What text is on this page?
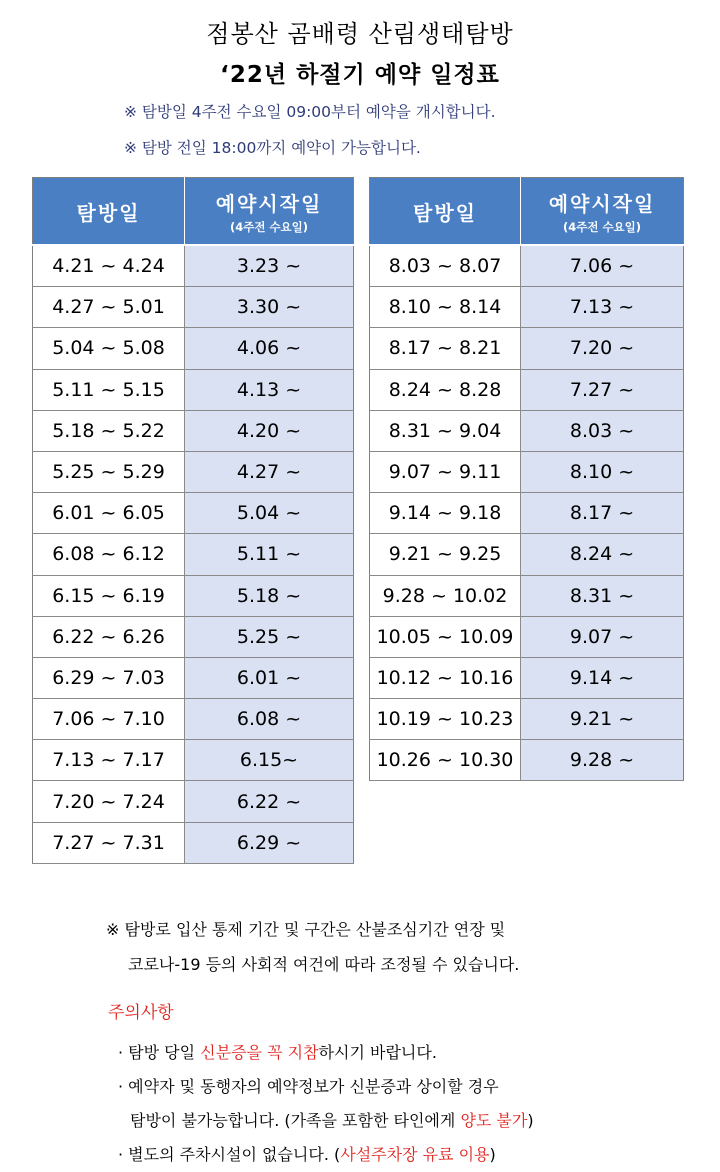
점봉산 곰배령 산림생태탐방
‘22년 하절기 예약 일정표
※ 탐방일 4주전 수요일 09:00부터 예약을 개시합니다.
※ 탐방 전일 18:00까지 예약이 가능합니다.
탐방일	예약시작일
(4주전 수요일)

4.21 ~ 4.24	3.23 ~
4.27 ~ 5.01	3.30 ~
5.04 ~ 5.08	4.06 ~
5.11 ~ 5.15	4.13 ~
5.18 ~ 5.22	4.20 ~
5.25 ~ 5.29	4.27 ~
6.01 ~ 6.05	5.04 ~
6.08 ~ 6.12	5.11 ~
6.15 ~ 6.19	5.18 ~
6.22 ~ 6.26	5.25 ~
6.29 ~ 7.03	6.01 ~
7.06 ~ 7.10	6.08 ~
7.13 ~ 7.17	6.15~
7.20 ~ 7.24	6.22 ~
7.27 ~ 7.31	6.29 ~
탐방일	예약시작일
(4주전 수요일)

8.03 ~ 8.07	7.06 ~
8.10 ~ 8.14	7.13 ~
8.17 ~ 8.21	7.20 ~
8.24 ~ 8.28	7.27 ~
8.31 ~ 9.04	8.03 ~
9.07 ~ 9.11	8.10 ~
9.14 ~ 9.18	8.17 ~
9.21 ~ 9.25	8.24 ~
9.28 ~ 10.02	8.31 ~
10.05 ~ 10.09	9.07 ~
10.12 ~ 10.16	9.14 ~
10.19 ~ 10.23	9.21 ~
10.26 ~ 10.30	9.28 ~
※ 탐방로 입산 통제 기간 및 구간은 산불조심기간 연장 및
코로나-19 등의 사회적 여건에 따라 조정될 수 있습니다.
주의사항
· 탐방 당일 신분증을 꼭 지참하시기 바랍니다.
· 예약자 및 동행자의 예약정보가 신분증과 상이할 경우
탐방이 불가능합니다. (가족을 포함한 타인에게 양도 불가)
· 별도의 주차시설이 없습니다. (사설주차장 유료 이용)
